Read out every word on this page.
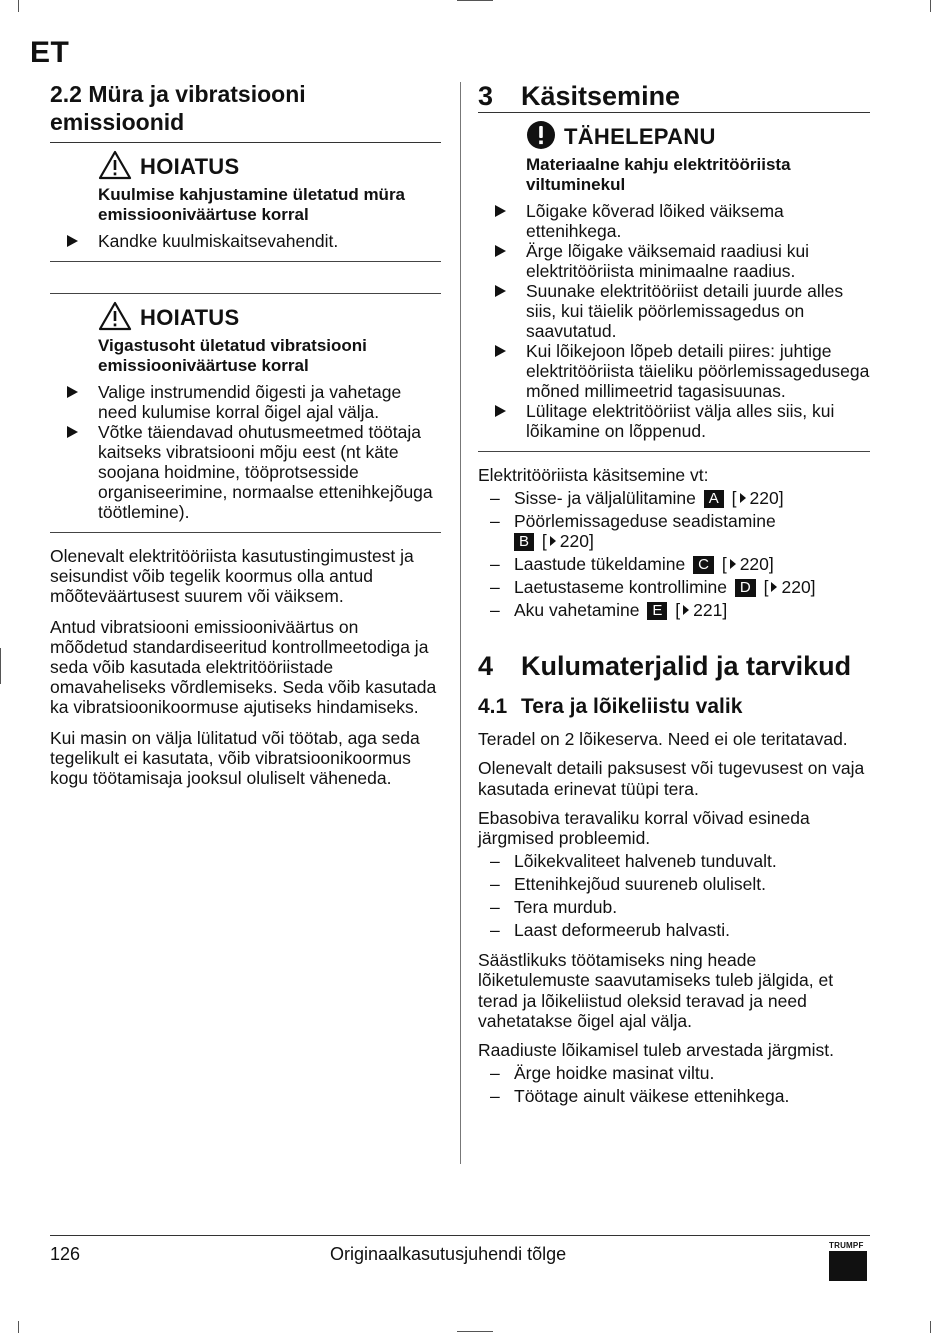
ET
2.2 Müra ja vibratsiooni emissioonid
HOIATUS
Kuulmise kahjustamine ületatud müra emissiooniväärtuse korral
Kandke kuulmiskaitsevahendit.
HOIATUS
Vigastusoht ületatud vibratsiooni emissiooniväärtuse korral
Valige instrumendid õigesti ja vahetage need kulumise korral õigel ajal välja.
Võtke täiendavad ohutusmeetmed töötaja kaitseks vibratsiooni mõju eest (nt käte soojana hoidmine, tööprotsesside organiseerimine, normaalse ettenihkejõuga töötlemine).

Olenevalt elektritööriista kasutustingimustest ja seisundist võib tegelik koormus olla antud mõõteväärtusest suurem või väiksem.

Antud vibratsiooni emissiooniväärtus on mõõdetud standardiseeritud kontrollmeetodiga ja seda võib kasutada elektritööriistade omavaheliseks võrdlemiseks. Seda võib kasutada ka vibratsioonikoormuse ajutiseks hindamiseks.

Kui masin on välja lülitatud või töötab, aga seda tegelikult ei kasutata, võib vibratsioonikoormus kogu töötamisaja jooksul oluliselt väheneda.

3	Käsitsemine
TÄHELEPANU
Materiaalne kahju elektritööriista viltuminekul
Lõigake kõverad lõiked väiksema ettenihkega.
Ärge lõigake väiksemaid raadiusi kui elektritööriista minimaalne raadius.
Suunake elektritööriist detaili juurde alles siis, kui täielik pöörlemissagedus on saavutatud.
Kui lõikejoon lõpeb detaili piires: juhtige elektritööriista täieliku pöörlemissagedusega mõned millimeetrid tagasisuunas.
Lülitage elektritööriist välja alles siis, kui lõikamine on lõppenud.

Elektritööriista käsitsemine vt:

– Sisse- ja väljalülitamine A [ 220]
– Pöörlemissageduse seadistamine
B [ 220]
– Laastude tükeldamine C [ 220]
– Laetustaseme kontrollimine D [ 220]
– Aku vahetamine E [ 221]
4	Kulumaterjalid ja tarvikud
4.1 Tera ja lõikeliistu valik

Teradel on 2 lõikeserva. Need ei ole teritatavad.

Olenevalt detaili paksusest või tugevusest on vaja kasutada erinevat tüüpi tera.

Ebasobiva teravaliku korral võivad esineda järgmised probleemid.

– Lõikekvaliteet halveneb tunduvalt.
– Ettenihkejõud suureneb oluliselt.
– Tera murdub.
– Laast deformeerub halvasti.

Säästlikuks töötamiseks ning heade lõiketulemuste saavutamiseks tuleb jälgida, et terad ja lõikeliistud oleksid teravad ja need vahetatakse õigel ajal välja.

Raadiuste lõikamisel tuleb arvestada järgmist.

– Ärge hoidke masinat viltu.
– Töötage ainult väikese ettenihkega.
126	Originaalkasutusjuhendi tõlge	TRUMPF
